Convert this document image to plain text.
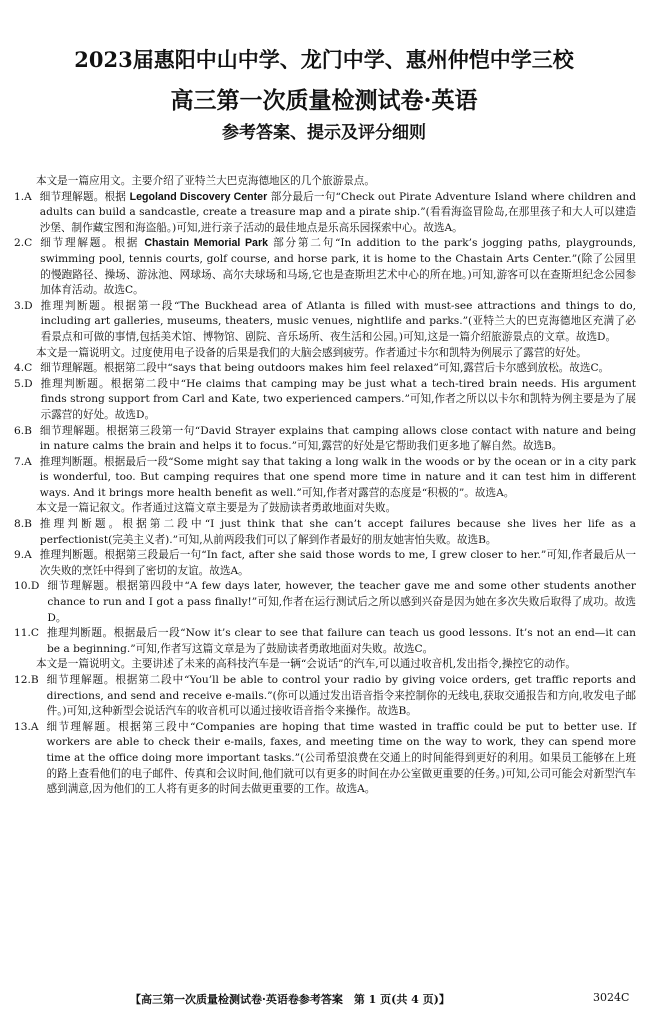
2023届惠阳中山中学、龙门中学、惠州仲恺中学三校
高三第一次质量检测试卷·英语
参考答案、提示及评分细则

本文是一篇应用文。主要介绍了亚特兰大巴克海德地区的几个旅游景点。

1. A 细节理解题。根据 Legoland Discovery Center 部分最后一句“Check out Pirate Adventure Island where children and adults can build a sandcastle, create a treasure map and a pirate ship.”(看看海盗冒险岛,在那里孩子和大人可以建造沙堡、制作藏宝图和海盗船。)可知,进行亲子活动的最佳地点是乐高乐园探索中心。故选A。
2. C 细节理解题。根据 Chastain Memorial Park 部分第二句“In addition to the park’s jogging paths, playgrounds, swimming pool, tennis courts, golf course, and horse park, it is home to the Chastain Arts Center.”(除了公园里的慢跑路径、操场、游泳池、网球场、高尔夫球场和马场,它也是查斯坦艺术中心的所在地。)可知,游客可以在查斯坦纪念公园参加体育活动。故选C。
3. D 推理判断题。根据第一段“The Buckhead area of Atlanta is filled with must-see attractions and things to do, including art galleries, museums, theaters, music venues, nightlife and parks.”(亚特兰大的巴克海德地区充满了必看景点和可做的事情,包括美术馆、博物馆、剧院、音乐场所、夜生活和公园。)可知,这是一篇介绍旅游景点的文章。故选D。

本文是一篇说明文。过度使用电子设备的后果是我们的大脑会感到疲劳。作者通过卡尔和凯特为例展示了露营的好处。

4. C 细节理解题。根据第二段中“says that being outdoors makes him feel relaxed”可知,露营后卡尔感到放松。故选C。
5. D 推理判断题。根据第二段中“He claims that camping may be just what a tech-tired brain needs. His argument finds strong support from Carl and Kate, two experienced campers.”可知,作者之所以以卡尔和凯特为例主要是为了展示露营的好处。故选D。
6. B 细节理解题。根据第三段第一句“David Strayer explains that camping allows close contact with nature and being in nature calms the brain and helps it to focus.”可知,露营的好处是它帮助我们更多地了解自然。故选B。
7. A 推理判断题。根据最后一段“Some might say that taking a long walk in the woods or by the ocean or in a city park is wonderful, too. But camping requires that one spend more time in nature and it can test him in different ways. And it brings more health benefit as well.”可知,作者对露营的态度是“积极的”。故选A。

本文是一篇记叙文。作者通过这篇文章主要是为了鼓励读者勇敢地面对失败。

8. B 推理判断题。根据第二段中“I just think that she can’t accept failures because she lives her life as a perfectionist(完美主义者).”可知,从前两段我们可以了解到作者最好的朋友她害怕失败。故选B。
9. A 推理判断题。根据第三段最后一句“In fact, after she said those words to me, I grew closer to her.”可知,作者最后从一次失败的烹饪中得到了密切的友谊。故选A。
10. D 细节理解题。根据第四段中“A few days later, however, the teacher gave me and some other students another chance to run and I got a pass finally!”可知,作者在运行测试后之所以感到兴奋是因为她在多次失败后取得了成功。故选D。
11. C 推理判断题。根据最后一段“Now it’s clear to see that failure can teach us good lessons. It’s not an end—it can be a beginning.”可知,作者写这篇文章是为了鼓励读者勇敢地面对失败。故选C。

本文是一篇说明文。主要讲述了未来的高科技汽车是一辆“会说话”的汽车,可以通过收音机,发出指令,操控它的动作。

12. B 细节理解题。根据第二段中“You’ll be able to control your radio by giving voice orders, get traffic reports and directions, and send and receive e-mails.”(你可以通过发出语音指令来控制你的无线电,获取交通报告和方向,收发电子邮件。)可知,这种新型会说话汽车的收音机可以通过接收语音指令来操作。故选B。
13. A 细节理解题。根据第三段中“Companies are hoping that time wasted in traffic could be put to better use. If workers are able to check their e-mails, faxes, and meeting time on the way to work, they can spend more time at the office doing more important tasks.”(公司希望浪费在交通上的时间能得到更好的利用。如果员工能够在上班的路上查看他们的电子邮件、传真和会议时间,他们就可以有更多的时间在办公室做更重要的任务。)可知,公司可能会对新型汽车感到满意,因为他们的工人将有更多的时间去做更重要的工作。故选A。
【高三第一次质量检测试卷·英语卷参考答案　第 1 页(共 4 页)】	3024C
